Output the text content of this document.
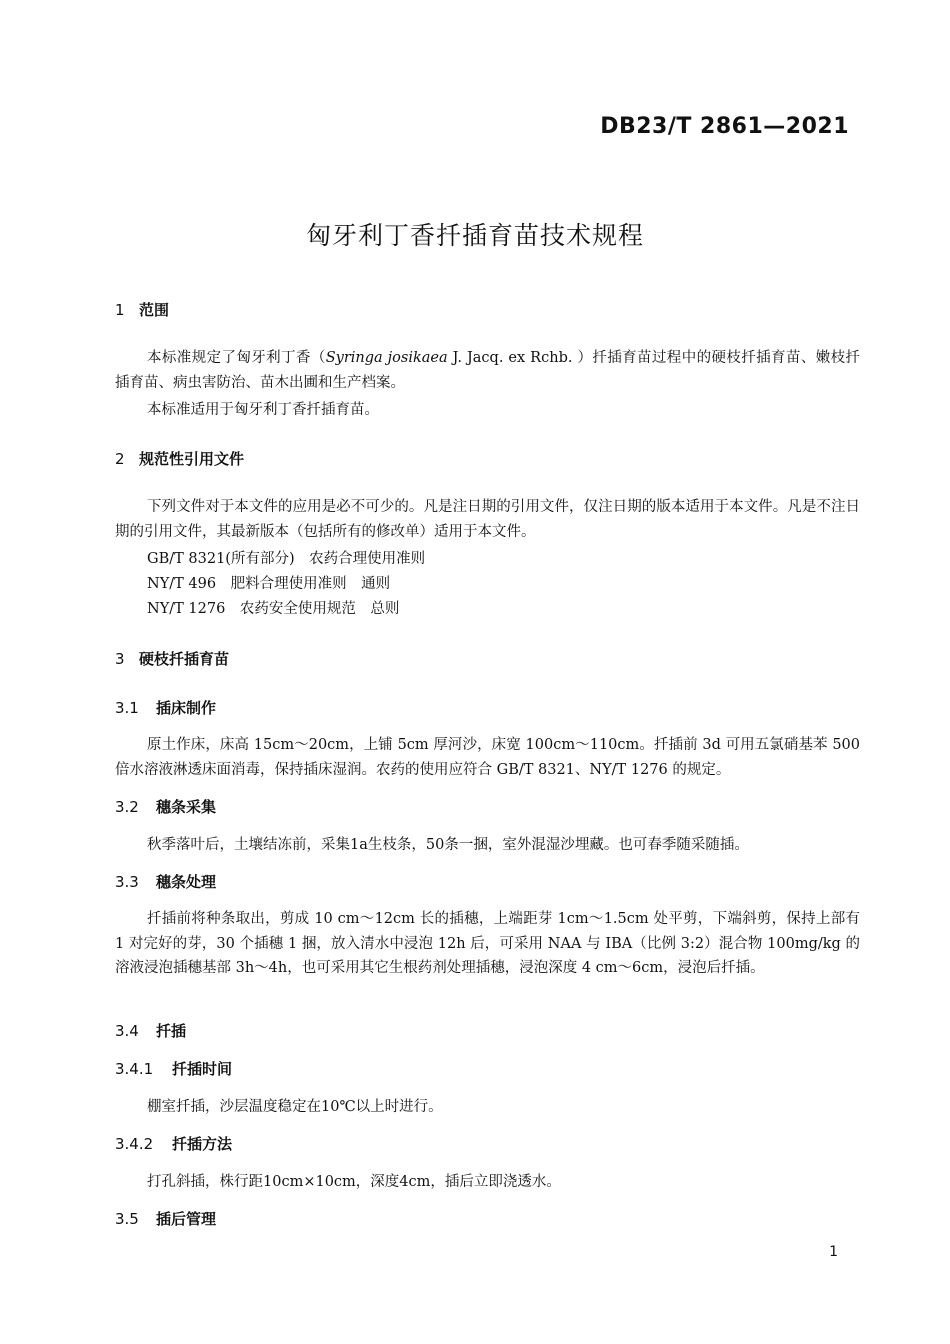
DB23/T 2861—2021
匈牙利丁香扦插育苗技术规程
1 范围
本标准规定了匈牙利丁香（Syringa josikaea J. Jacq. ex Rchb. ）扦插育苗过程中的硬枝扦插育苗、嫩枝扦插育苗、病虫害防治、苗木出圃和生产档案。
本标准适用于匈牙利丁香扦插育苗。
2 规范性引用文件
下列文件对于本文件的应用是必不可少的。凡是注日期的引用文件，仅注日期的版本适用于本文件。凡是不注日期的引用文件，其最新版本（包括所有的修改单）适用于本文件。
GB/T 8321(所有部分)　农药合理使用准则
NY/T 496　肥料合理使用准则　通则
NY/T 1276　农药安全使用规范　总则
3 硬枝扦插育苗
3.1 插床制作
原土作床，床高 15cm～20cm，上铺 5cm 厚河沙，床宽 100cm～110cm。扦插前 3d 可用五氯硝基苯 500倍水溶液淋透床面消毒，保持插床湿润。农药的使用应符合 GB/T 8321、NY/T 1276 的规定。
3.2 穗条采集
秋季落叶后，土壤结冻前，采集1a生枝条，50条一捆，室外混湿沙埋藏。也可春季随采随插。
3.3 穗条处理
扦插前将种条取出，剪成 10 cm～12cm 长的插穗，上端距芽 1cm～1.5cm 处平剪，下端斜剪，保持上部有 1 对完好的芽，30 个插穗 1 捆，放入清水中浸泡 12h 后，可采用 NAA 与 IBA（比例 3:2）混合物 100mg/kg 的溶液浸泡插穗基部 3h～4h，也可采用其它生根药剂处理插穗，浸泡深度 4 cm～6cm，浸泡后扦插。
3.4 扦插
3.4.1 扦插时间
棚室扦插，沙层温度稳定在10℃以上时进行。
3.4.2 扦插方法
打孔斜插，株行距10cm×10cm，深度4cm，插后立即浇透水。
3.5 插后管理
1
